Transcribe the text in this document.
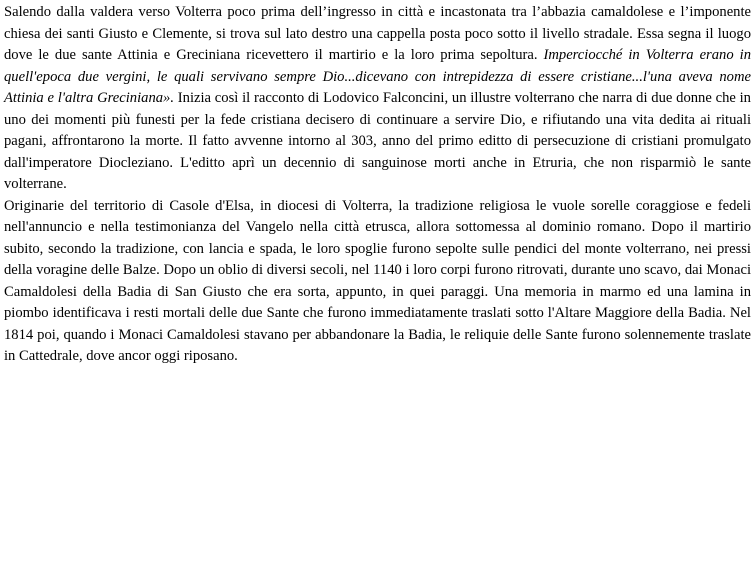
Salendo dalla valdera verso Volterra poco prima dell’ingresso in città e incastonata tra l’abbazia camaldolese e l’imponente chiesa dei santi Giusto e Clemente, si trova sul lato destro una cappella posta poco sotto il livello stradale. Essa segna il luogo dove le due sante Attinia e Greciniana ricevettero il martirio e la loro prima sepoltura. Imperciocché in Volterra erano in quell'epoca due vergini, le quali servivano sempre Dio...dicevano con intrepidezza di essere cristiane...l'una aveva nome Attinia e l'altra Greciniana». Inizia così il racconto di Lodovico Falconcini, un illustre volterrano che narra di due donne che in uno dei momenti più funesti per la fede cristiana decisero di continuare a servire Dio, e rifiutando una vita dedita ai rituali pagani, affrontarono la morte. Il fatto avvenne intorno al 303, anno del primo editto di persecuzione di cristiani promulgato dall'imperatore Diocleziano. L'editto aprì un decennio di sanguinose morti anche in Etruria, che non risparmiò le sante volterrane.

Originarie del territorio di Casole d'Elsa, in diocesi di Volterra, la tradizione religiosa le vuole sorelle coraggiose e fedeli nell'annuncio e nella testimonianza del Vangelo nella città etrusca, allora sottomessa al dominio romano. Dopo il martirio subito, secondo la tradizione, con lancia e spada, le loro spoglie furono sepolte sulle pendici del monte volterrano, nei pressi della voragine delle Balze. Dopo un oblio di diversi secoli, nel 1140 i loro corpi furono ritrovati, durante uno scavo, dai Monaci Camaldolesi della Badia di San Giusto che era sorta, appunto, in quei paraggi. Una memoria in marmo ed una lamina in piombo identificava i resti mortali delle due Sante che furono immediatamente traslati sotto l'Altare Maggiore della Badia. Nel 1814 poi, quando i Monaci Camaldolesi stavano per abbandonare la Badia, le reliquie delle Sante furono solennemente traslate in Cattedrale, dove ancor oggi riposano.
